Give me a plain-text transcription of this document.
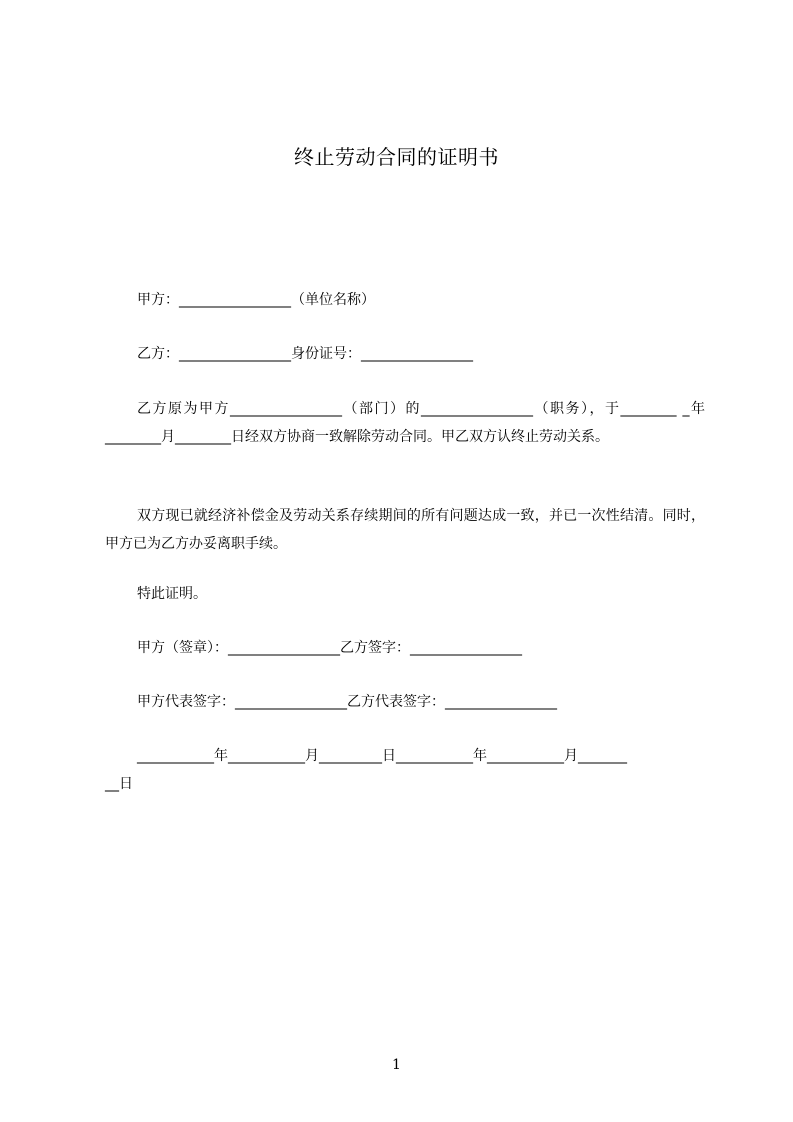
终止劳动合同的证明书
甲方：________________（单位名称）
乙方：________________身份证号：________________
乙方原为甲方________________（部门）的________________（职务），于________ _年________月________日经双方协商一致解除劳动合同。甲乙双方认终止劳动关系。
双方现已就经济补偿金及劳动关系存续期间的所有问题达成一致，并已一次性结清。同时，甲方已为乙方办妥离职手续。
特此证明。
甲方（签章）：________________乙方签字：________________
甲方代表签字：________________乙方代表签字：________________
___________年___________月_________日___________年___________月_______
__日
1
